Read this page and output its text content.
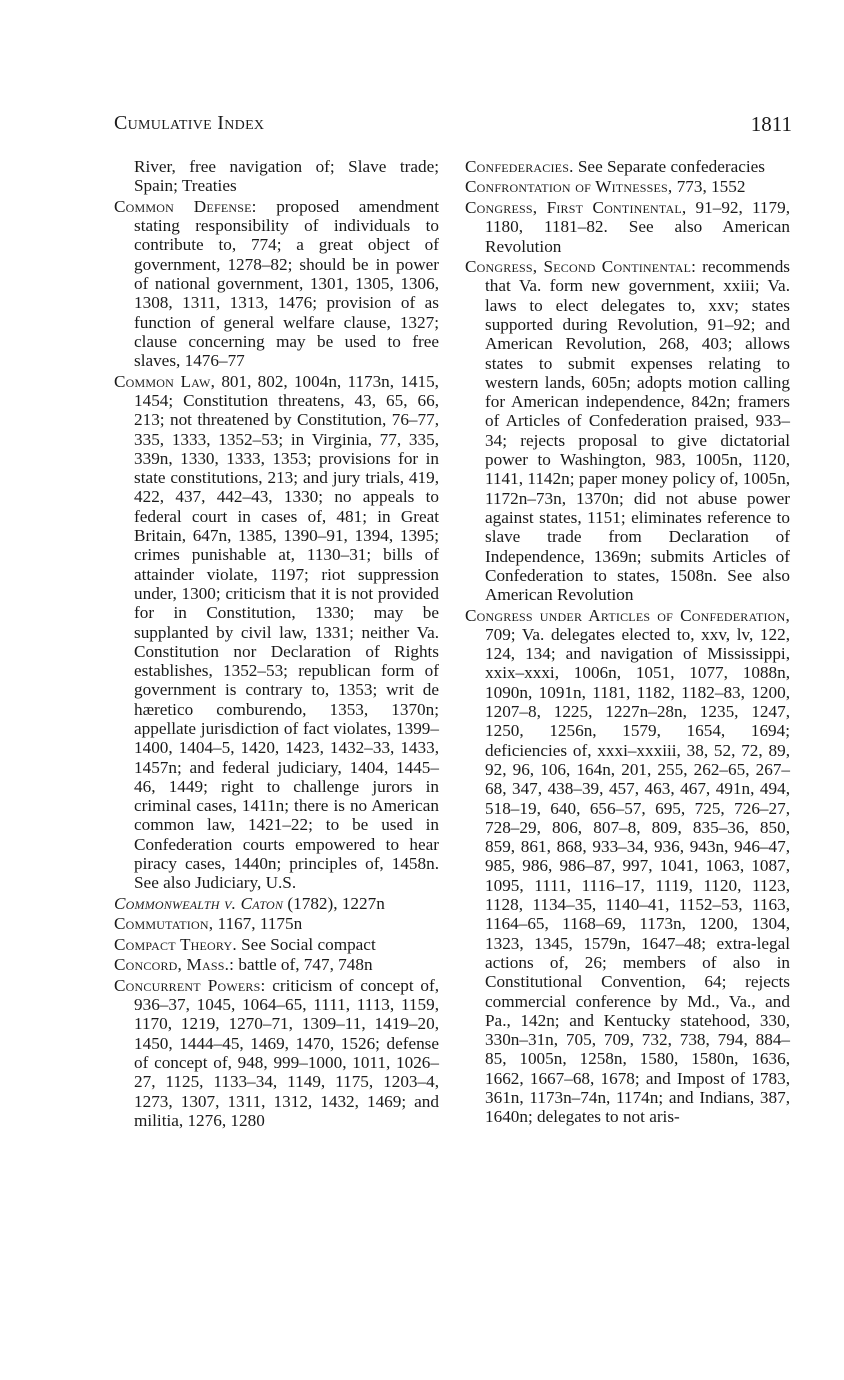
Cumulative Index	1811

River, free navigation of; Slave trade; Spain; Treaties

Common Defense: proposed amendment stating responsibility of individuals to contribute to, 774; a great object of government, 1278–82; should be in power of national government, 1301, 1305, 1306, 1308, 1311, 1313, 1476; provision of as function of general welfare clause, 1327; clause concerning may be used to free slaves, 1476–77

Common Law, 801, 802, 1004n, 1173n, 1415, 1454; Constitution threatens, 43, 65, 66, 213; not threatened by Constitution, 76–77, 335, 1333, 1352–53; in Virginia, 77, 335, 339n, 1330, 1333, 1353; provisions for in state constitutions, 213; and jury trials, 419, 422, 437, 442–43, 1330; no appeals to federal court in cases of, 481; in Great Britain, 647n, 1385, 1390–91, 1394, 1395; crimes punishable at, 1130–31; bills of attainder violate, 1197; riot suppression under, 1300; criticism that it is not provided for in Constitution, 1330; may be supplanted by civil law, 1331; neither Va. Constitution nor Declaration of Rights establishes, 1352–53; republican form of government is contrary to, 1353; writ de hæretico comburendo, 1353, 1370n; appellate jurisdiction of fact violates, 1399–1400, 1404–5, 1420, 1423, 1432–33, 1433, 1457n; and federal judiciary, 1404, 1445–46, 1449; right to challenge jurors in criminal cases, 1411n; there is no American common law, 1421–22; to be used in Confederation courts empowered to hear piracy cases, 1440n; principles of, 1458n. See also Judiciary, U.S.

Commonwealth v. Caton (1782), 1227n

Commutation, 1167, 1175n

Compact Theory. See Social compact

Concord, Mass.: battle of, 747, 748n

Concurrent Powers: criticism of concept of, 936–37, 1045, 1064–65, 1111, 1113, 1159, 1170, 1219, 1270–71, 1309–11, 1419–20, 1450, 1444–45, 1469, 1470, 1526; defense of concept of, 948, 999–1000, 1011, 1026–27, 1125, 1133–34, 1149, 1175, 1203–4, 1273, 1307, 1311, 1312, 1432, 1469; and militia, 1276, 1280

Confederacies. See Separate confederacies

Confrontation of Witnesses, 773, 1552

Congress, First Continental, 91–92, 1179, 1180, 1181–82. See also American Revolution

Congress, Second Continental: recommends that Va. form new government, xxiii; Va. laws to elect delegates to, xxv; states supported during Revolution, 91–92; and American Revolution, 268, 403; allows states to submit expenses relating to western lands, 605n; adopts motion calling for American independence, 842n; framers of Articles of Confederation praised, 933–34; rejects proposal to give dictatorial power to Washington, 983, 1005n, 1120, 1141, 1142n; paper money policy of, 1005n, 1172n–73n, 1370n; did not abuse power against states, 1151; eliminates reference to slave trade from Declaration of Independence, 1369n; submits Articles of Confederation to states, 1508n. See also American Revolution

Congress under Articles of Confederation, 709; Va. delegates elected to, xxv, lv, 122, 124, 134; and navigation of Mississippi, xxix–xxxi, 1006n, 1051, 1077, 1088n, 1090n, 1091n, 1181, 1182, 1182–83, 1200, 1207–8, 1225, 1227n–28n, 1235, 1247, 1250, 1256n, 1579, 1654, 1694; deficiencies of, xxxi–xxxiii, 38, 52, 72, 89, 92, 96, 106, 164n, 201, 255, 262–65, 267–68, 347, 438–39, 457, 463, 467, 491n, 494, 518–19, 640, 656–57, 695, 725, 726–27, 728–29, 806, 807–8, 809, 835–36, 850, 859, 861, 868, 933–34, 936, 943n, 946–47, 985, 986, 986–87, 997, 1041, 1063, 1087, 1095, 1111, 1116–17, 1119, 1120, 1123, 1128, 1134–35, 1140–41, 1152–53, 1163, 1164–65, 1168–69, 1173n, 1200, 1304, 1323, 1345, 1579n, 1647–48; extra-legal actions of, 26; members of also in Constitutional Convention, 64; rejects commercial conference by Md., Va., and Pa., 142n; and Kentucky statehood, 330, 330n–31n, 705, 709, 732, 738, 794, 884–85, 1005n, 1258n, 1580, 1580n, 1636, 1662, 1667–68, 1678; and Impost of 1783, 361n, 1173n–74n, 1174n; and Indians, 387, 1640n; delegates to not aris-
